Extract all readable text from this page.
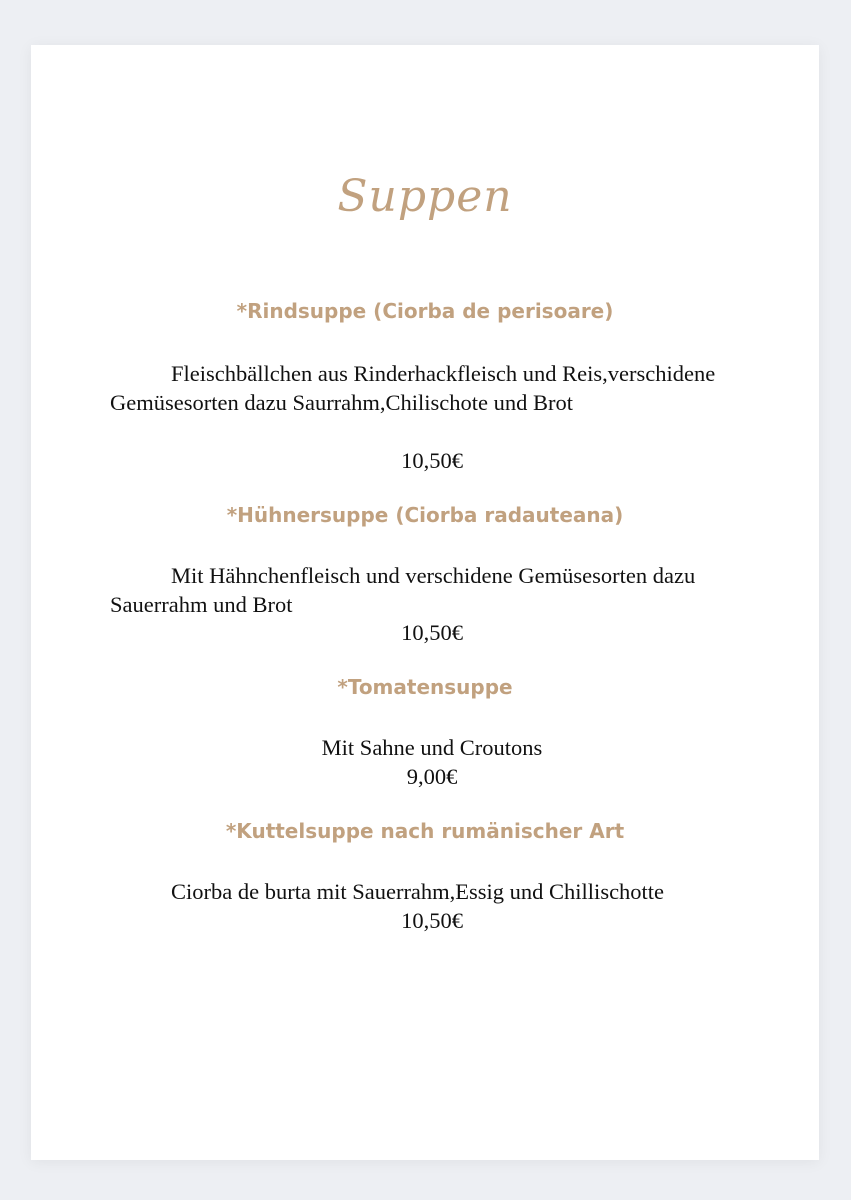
Suppen

*Rindsuppe (Ciorba de perisoare)

Fleischbällchen aus Rinderhackfleisch und Reis,verschidene Gemüsesorten dazu Saurrahm,Chilischote und Brot

10,50€

*Hühnersuppe (Ciorba radauteana)

Mit Hähnchenfleisch und verschidene Gemüsesorten dazu Sauerrahm und Brot

10,50€

*Tomatensuppe

Mit Sahne und Croutons

9,00€

*Kuttelsuppe nach rumänischer Art

Ciorba de burta mit Sauerrahm,Essig und Chillischotte

10,50€
